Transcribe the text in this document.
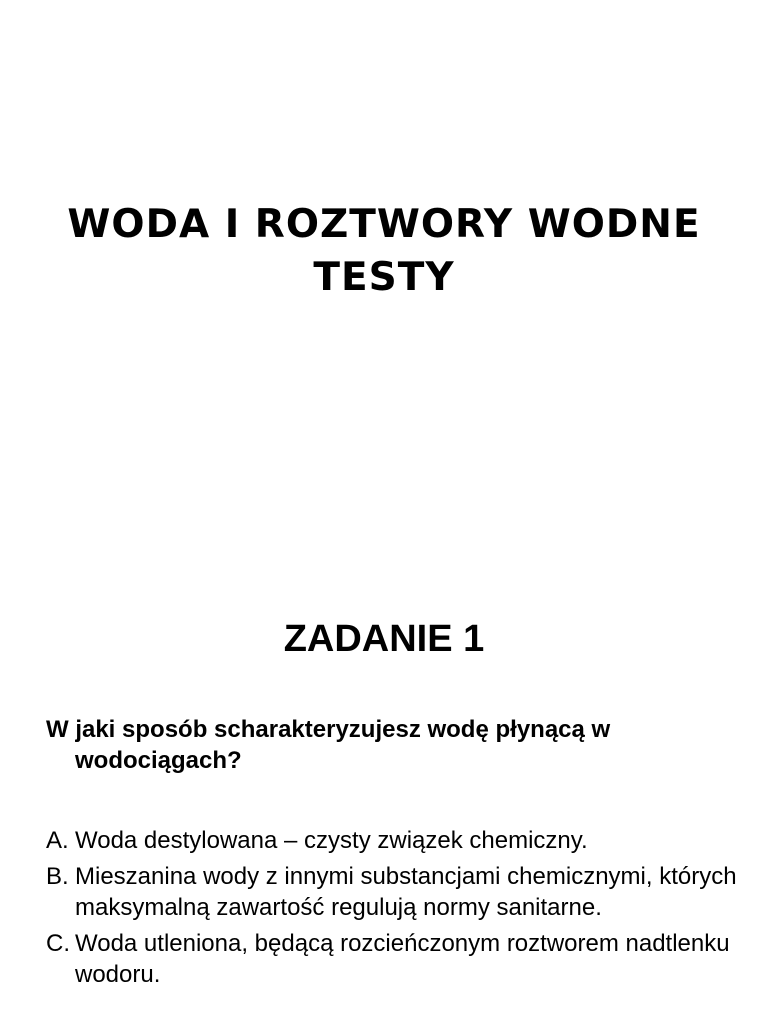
WODA I ROZTWORY WODNE
TESTY
ZADANIE 1
W jaki sposób scharakteryzujesz wodę płynącą w wodociągach?
A. Woda destylowana – czysty związek chemiczny.
B. Mieszanina wody z innymi substancjami chemicznymi, których maksymalną zawartość regulują normy sanitarne.
C. Woda utleniona, będącą rozcieńczonym roztworem nadtlenku wodoru.
